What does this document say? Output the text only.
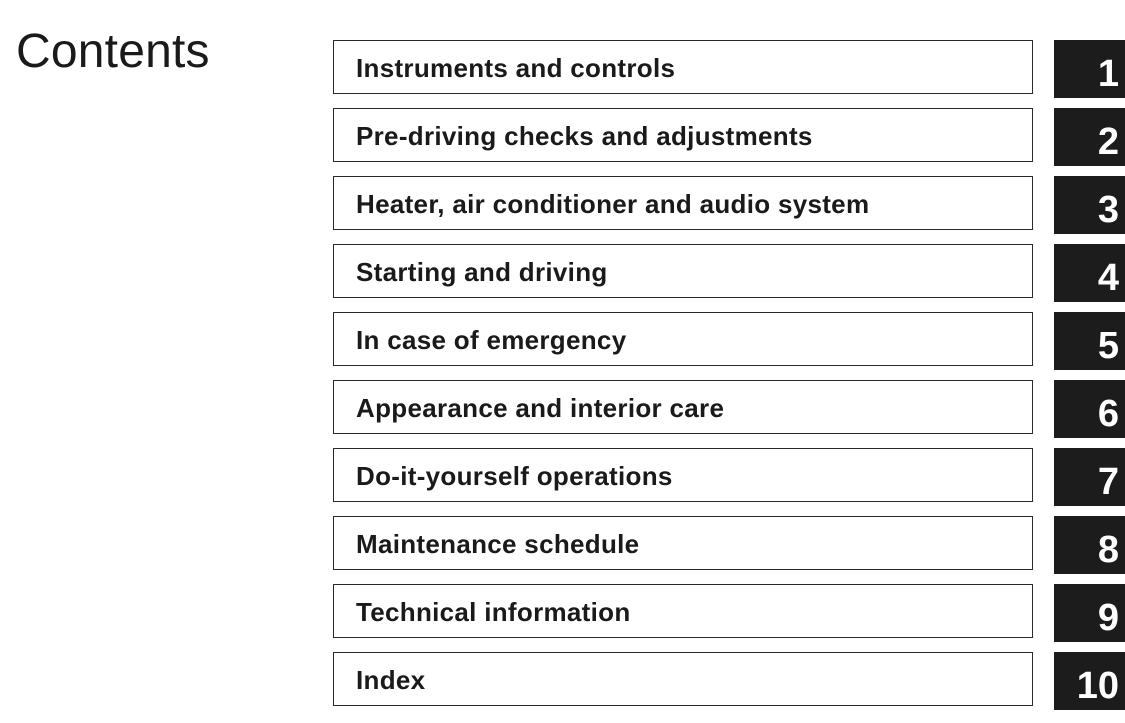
Contents	Instruments and controls	1
Pre-driving checks and adjustments	2
Heater, air conditioner and audio system	3
Starting and driving	4
In case of emergency	5
Appearance and interior care	6
Do-it-yourself operations	7
Maintenance schedule	8
Technical information	9
Index	10
